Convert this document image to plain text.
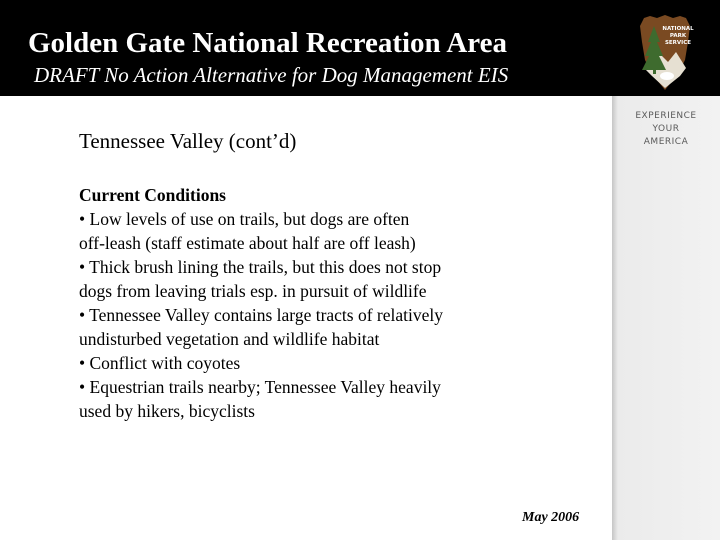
Golden Gate National Recreation Area
DRAFT No Action Alternative for Dog Management EIS
NATIONAL
PARK
SERVICE
EXPERIENCE
YOUR
AMERICA
Tennessee Valley (cont’d)
Current Conditions
• Low levels of use on trails, but dogs are often
off-leash (staff estimate about half are off leash)
• Thick brush lining the trails, but this does not stop
dogs from leaving trials esp. in pursuit of wildlife
• Tennessee Valley contains large tracts of relatively
undisturbed vegetation and wildlife habitat
• Conflict with coyotes
• Equestrian trails nearby; Tennessee Valley heavily
used by hikers, bicyclists
May 2006
